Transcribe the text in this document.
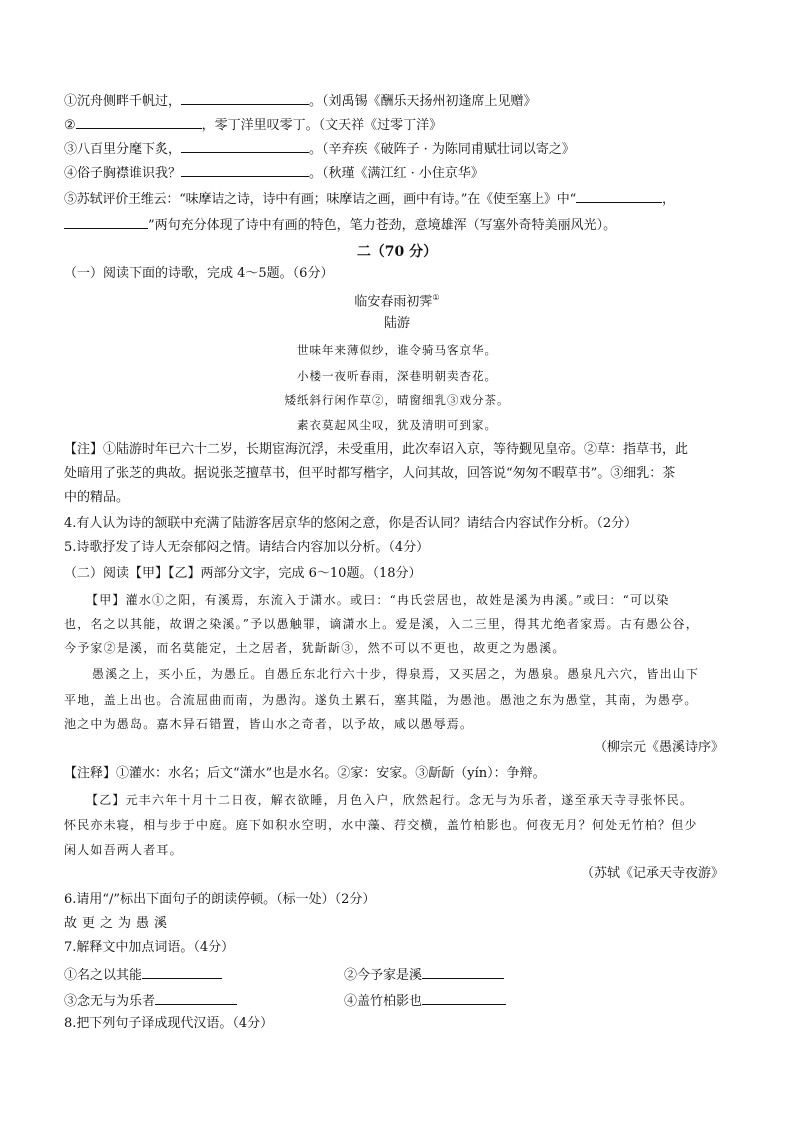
①沉舟侧畔千帆过，	。（刘禹锡《酬乐天扬州初逢席上见赠》
②	，零丁洋里叹零丁。（文天祥《过零丁洋》
③八百里分麾下炙，	。（辛弃疾《破阵子 · 为陈同甫赋壮词以寄之》
④俗子胸襟谁识我？	。（秋瑾《满江红 · 小住京华》
⑤苏轼评价王维云：“味摩诘之诗，诗中有画；味摩诘之画，画中有诗。”在《使至塞上》中“	，
”两句充分体现了诗中有画的特色，笔力苍劲，意境雄浑（写塞外奇特美丽风光）。
二（70 分）
（一）阅读下面的诗歌，完成 4～5题。（6分）
临安春雨初霁①
陆游
世味年来薄似纱，谁令骑马客京华。
小楼一夜听春雨，深巷明朝卖杏花。
矮纸斜行闲作草②，晴窗细乳③戏分茶。
素衣莫起风尘叹，犹及清明可到家。
【注】①陆游时年已六十二岁，长期宦海沉浮，未受重用，此次奉诏入京，等待觐见皇帝。②草：指草书，此
处暗用了张芝的典故。据说张芝擅草书，但平时都写楷字，人问其故，回答说“匆匆不暇草书”。③细乳：茶
中的精品。
4.有人认为诗的颔联中充满了陆游客居京华的悠闲之意，你是否认同？请结合内容试作分析。（2分）
5.诗歌抒发了诗人无奈郁闷之情。请结合内容加以分析。（4分）
（二）阅读【甲】【乙】两部分文字，完成 6～10题。（18分）
【甲】灌水①之阳，有溪焉，东流入于潇水。或曰：“冉氏尝居也，故姓是溪为冉溪。”或曰：“可以染
也，名之以其能，故谓之染溪。”予以愚触罪，谪潇水上。爱是溪，入二三里，得其尤绝者家焉。古有愚公谷，
今予家②是溪，而名莫能定，土之居者，犹龂龂③，然不可以不更也，故更之为愚溪。
愚溪之上，买小丘，为愚丘。自愚丘东北行六十步，得泉焉，又买居之，为愚泉。愚泉凡六穴，皆出山下
平地，盖上出也。合流屈曲而南，为愚沟。遂负土累石，塞其隘，为愚池。愚池之东为愚堂，其南，为愚亭。
池之中为愚岛。嘉木异石错置，皆山水之奇者，以予故，咸以愚辱焉。
（柳宗元《愚溪诗序》
【注释】①灌水：水名；后文“潇水”也是水名。②家：安家。③龂龂（yín）：争辩。
【乙】元丰六年十月十二日夜，解衣欲睡，月色入户，欣然起行。念无与为乐者，遂至承天寺寻张怀民。
怀民亦未寝，相与步于中庭。庭下如积水空明，水中藻、荇交横，盖竹柏影也。何夜无月？何处无竹柏？但少
闲人如吾两人者耳。
（苏轼《记承天寺夜游》
6.请用“/”标出下面句子的朗读停顿。（标一处）（2分）
故更之为愚溪
7.解释文中加点词语。（4分）
①名之以其能	②今予家是溪
③念无与为乐者	④盖竹柏影也
8.把下列句子译成现代汉语。（4分）
